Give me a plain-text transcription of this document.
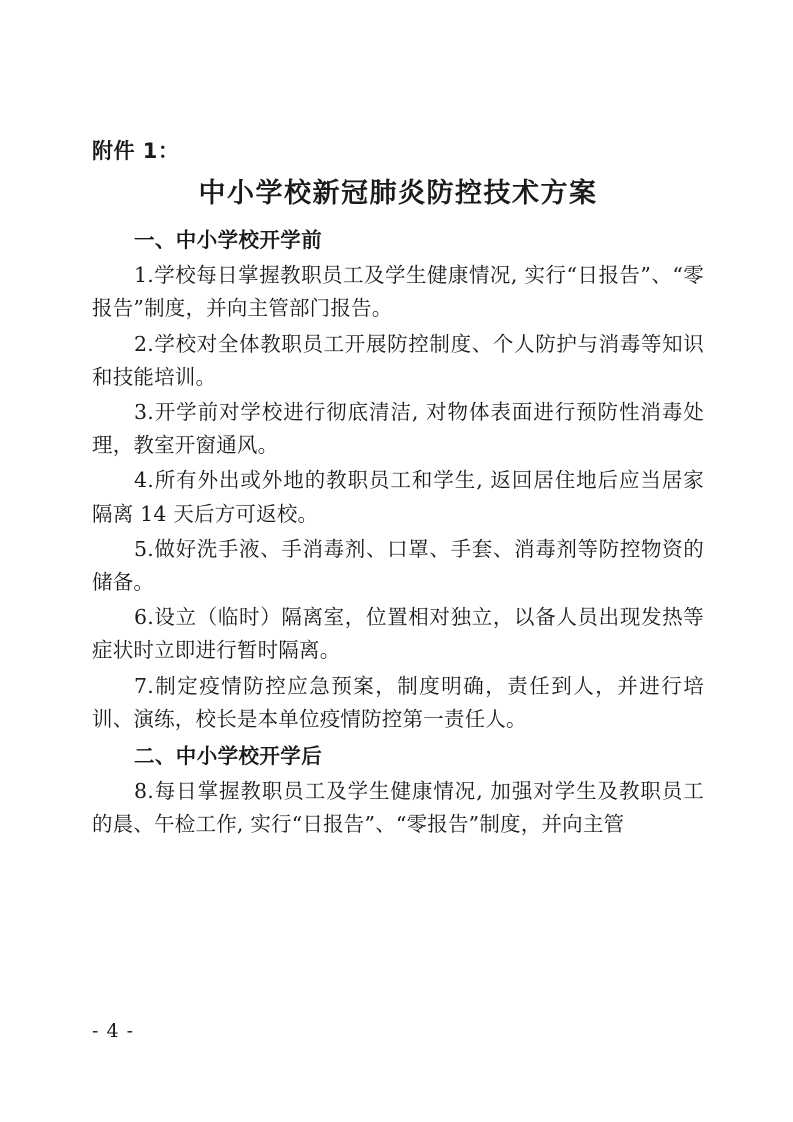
附件 1：
中小学校新冠肺炎防控技术方案
一、中小学校开学前

1.学校每日掌握教职员工及学生健康情况, 实行“日报告”、“零报告”制度，并向主管部门报告。

2.学校对全体教职员工开展防控制度、个人防护与消毒等知识和技能培训。

3.开学前对学校进行彻底清洁, 对物体表面进行预防性消毒处理，教室开窗通风。

4.所有外出或外地的教职员工和学生, 返回居住地后应当居家隔离 14 天后方可返校。

5.做好洗手液、手消毒剂、口罩、手套、消毒剂等防控物资的储备。

6.设立（临时）隔离室，位置相对独立，以备人员出现发热等症状时立即进行暂时隔离。

7.制定疫情防控应急预案，制度明确，责任到人，并进行培训、演练，校长是本单位疫情防控第一责任人。

二、中小学校开学后

8.每日掌握教职员工及学生健康情况, 加强对学生及教职员工的晨、午检工作, 实行“日报告”、“零报告”制度，并向主管

- 4 -
